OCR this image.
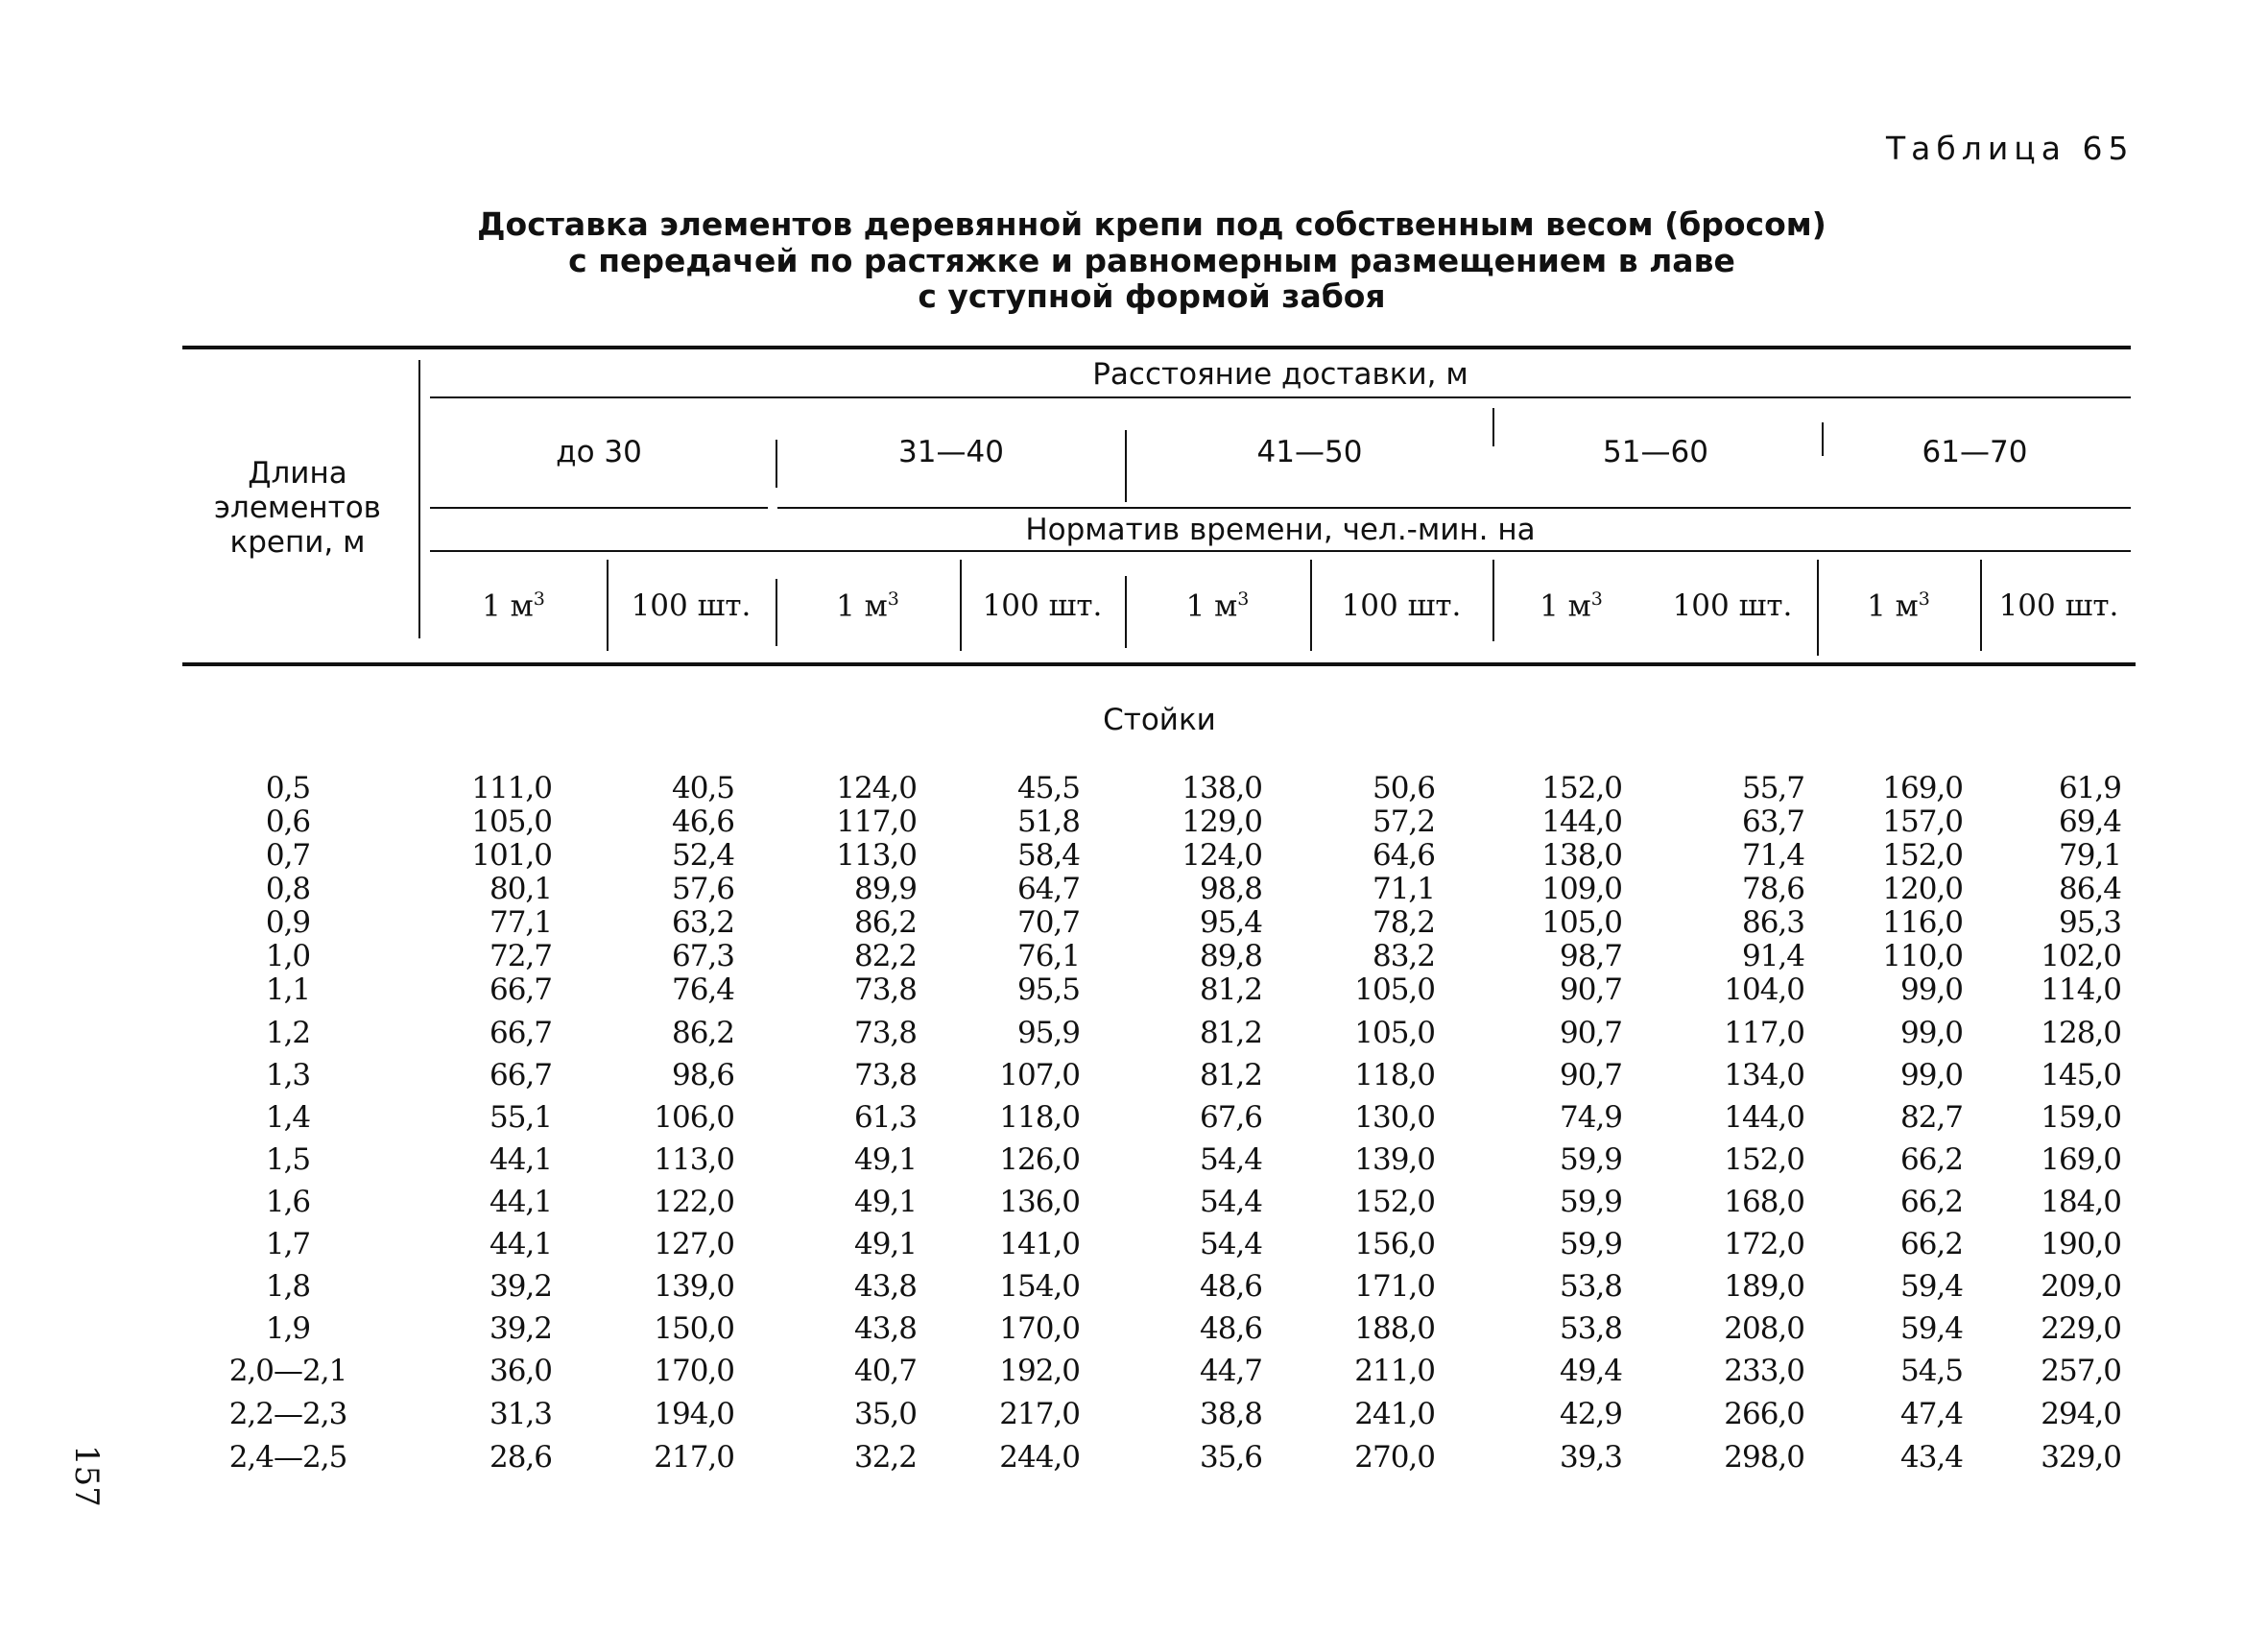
Таблица 65
Доставка элементов деревянной крепи под собственным весом (бросом)
с передачей по растяжке и равномерным размещением в лаве
с уступной формой забоя
Длина
элементов
крепи, м
Расстояние доставки, м
до 30	31—40	41—50	51—60	61—70
Норматив времени, чел.-мин. на
1 $м^3$	100 шт.	1 $м^3$	100 шт.	1 $м^3$	100 шт.	1 $м^3$	100 шт.	1 $м^3$	100 шт.
Стойки
0,5	111,0	40,5	124,0	45,5	138,0	50,6	152,0	55,7	169,0	61,9
0,6	105,0	46,6	117,0	51,8	129,0	57,2	144,0	63,7	157,0	69,4
0,7	101,0	52,4	113,0	58,4	124,0	64,6	138,0	71,4	152,0	79,1
0,8	80,1	57,6	89,9	64,7	98,8	71,1	109,0	78,6	120,0	86,4
0,9	77,1	63,2	86,2	70,7	95,4	78,2	105,0	86,3	116,0	95,3
1,0	72,7	67,3	82,2	76,1	89,8	83,2	98,7	91,4	110,0	102,0
1,1	66,7	76,4	73,8	95,5	81,2	105,0	90,7	104,0	99,0	114,0
1,2	66,7	86,2	73,8	95,9	81,2	105,0	90,7	117,0	99,0	128,0
1,3	66,7	98,6	73,8	107,0	81,2	118,0	90,7	134,0	99,0	145,0
1,4	55,1	106,0	61,3	118,0	67,6	130,0	74,9	144,0	82,7	159,0
1,5	44,1	113,0	49,1	126,0	54,4	139,0	59,9	152,0	66,2	169,0
1,6	44,1	122,0	49,1	136,0	54,4	152,0	59,9	168,0	66,2	184,0
1,7	44,1	127,0	49,1	141,0	54,4	156,0	59,9	172,0	66,2	190,0
1,8	39,2	139,0	43,8	154,0	48,6	171,0	53,8	189,0	59,4	209,0
1,9	39,2	150,0	43,8	170,0	48,6	188,0	53,8	208,0	59,4	229,0
2,0—2,1	36,0	170,0	40,7	192,0	44,7	211,0	49,4	233,0	54,5	257,0
2,2—2,3	31,3	194,0	35,0	217,0	38,8	241,0	42,9	266,0	47,4	294,0
2,4—2,5	28,6	217,0	32,2	244,0	35,6	270,0	39,3	298,0	43,4	329,0
157
